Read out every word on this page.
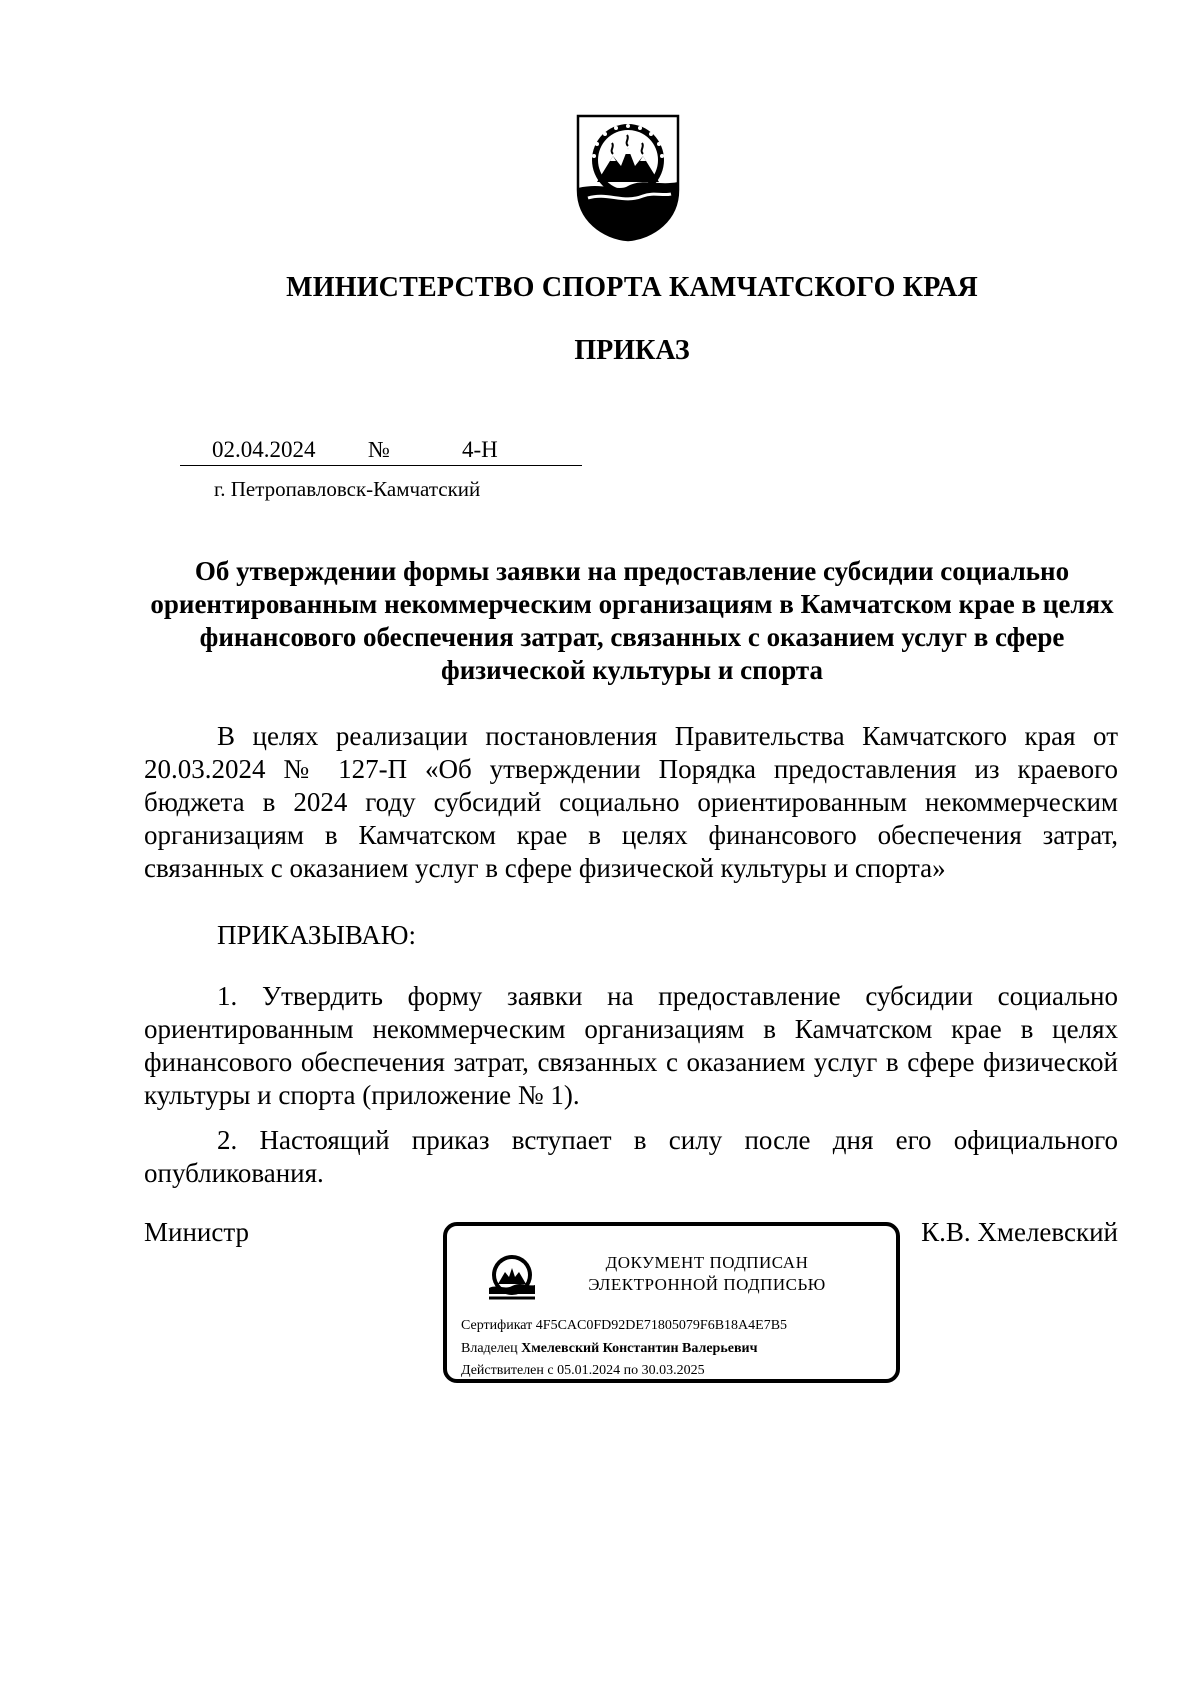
МИНИСТЕРСТВО СПОРТА КАМЧАТСКОГО КРАЯ
ПРИКАЗ
02.04.2024 №	4-Н
г. Петропавловск-Камчатский
Об утверждении формы заявки на предоставление субсидии социально ориентированным некоммерческим организациям в Камчатском крае в целях финансового обеспечения затрат, связанных с оказанием услуг в сфере физической культуры и спорта
В целях реализации постановления Правительства Камчатского края от 20.03.2024 № 127-П «Об утверждении Порядка предоставления из краевого бюджета в 2024 году субсидий социально ориентированным некоммерческим организациям в Камчатском крае в целях финансового обеспечения затрат, связанных с оказанием услуг в сфере физической культуры и спорта»
ПРИКАЗЫВАЮ:
1. Утвердить форму заявки на предоставление субсидии социально ориентированным некоммерческим организациям в Камчатском крае в целях финансового обеспечения затрат, связанных с оказанием услуг в сфере физической культуры и спорта (приложение № 1).
2. Настоящий приказ вступает в силу после дня его официального опубликования.
Министр	К.В. Хмелевский
ДОКУМЕНТ ПОДПИСАН
ЭЛЕКТРОННОЙ ПОДПИСЬЮ
Сертификат 4F5CAC0FD92DE71805079F6B18A4E7B5
Владелец Хмелевский Константин Валерьевич
Действителен с 05.01.2024 по 30.03.2025
